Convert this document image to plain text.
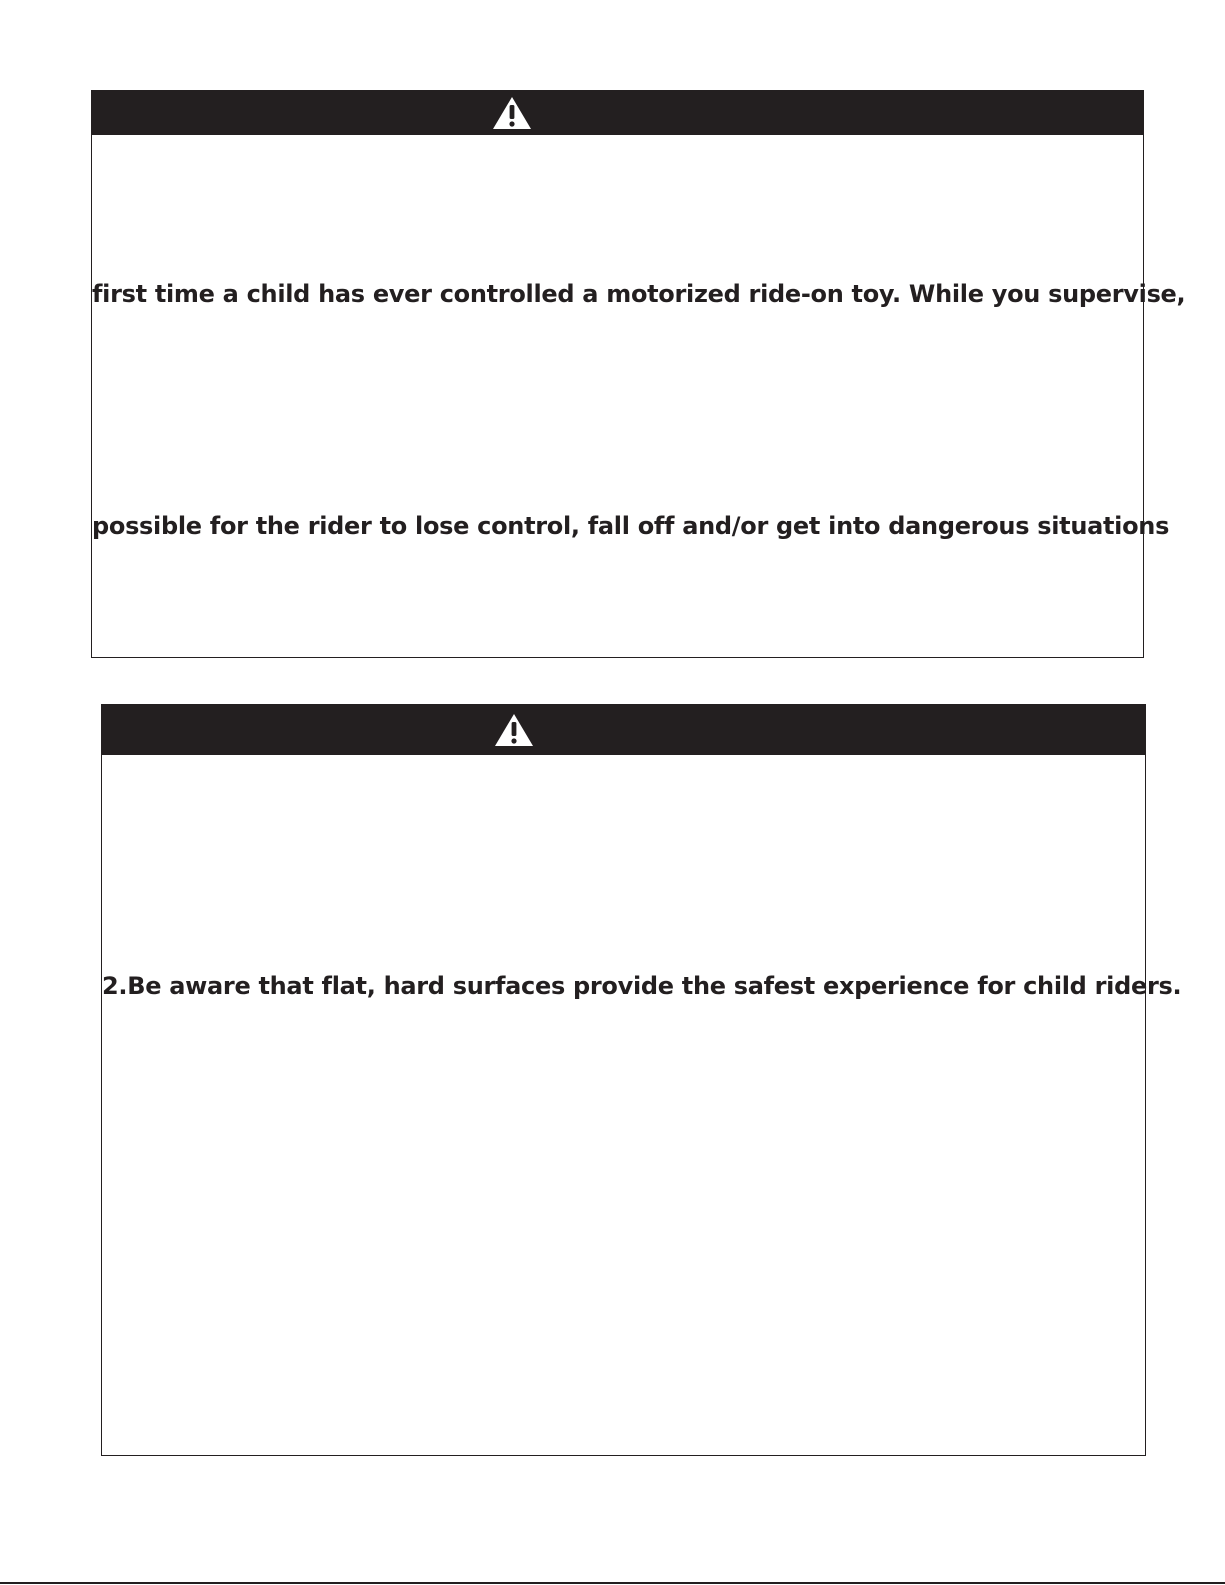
first time a child has ever controlled a motorized ride-on toy. While you supervise,
possible for the rider to lose control, fall off and/or get into dangerous situations
2.Be aware that flat, hard surfaces provide the safest experience for child riders.
